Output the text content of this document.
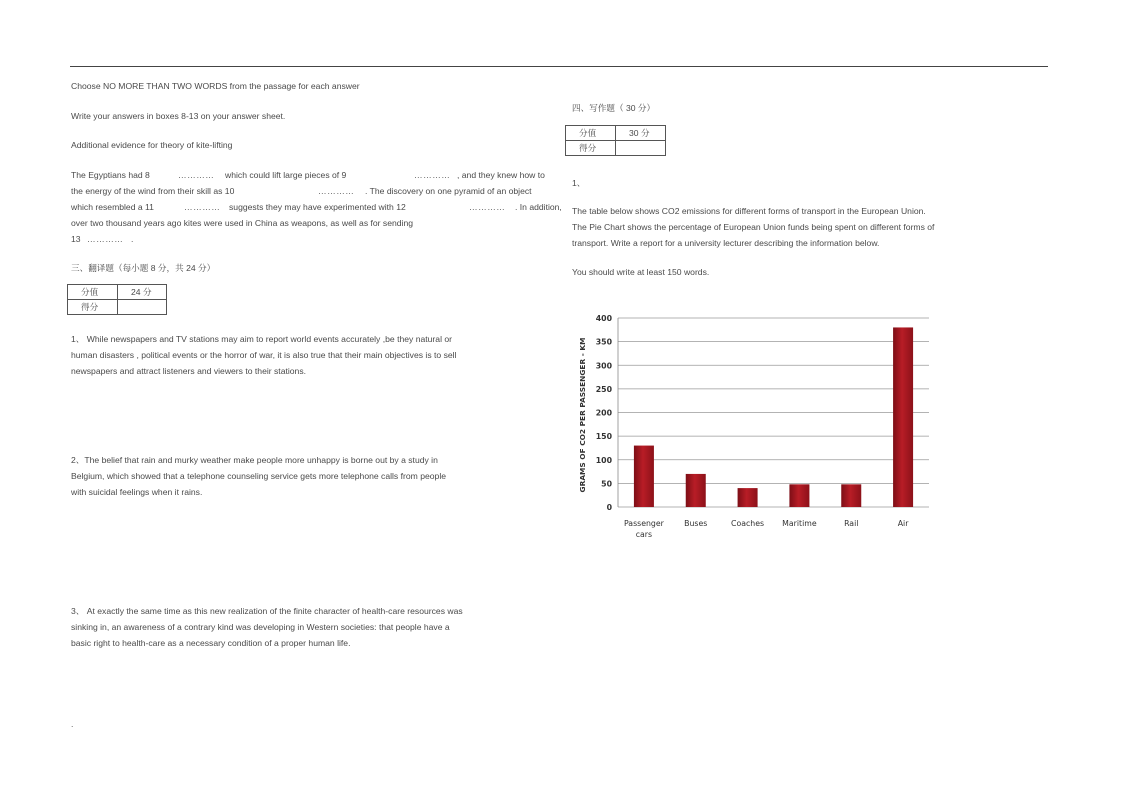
Choose NO MORE THAN TWO WORDS from the passage for each answer
Write your answers in boxes 8-13 on your answer sheet.
Additional evidence for theory of kite-lifting
The Egyptians had 8	………… which could lift large pieces of 9	………… , and they knew how to
the energy of the wind from their skill as 10	………… . The discovery on one pyramid of an object
which resembled a 11	………… suggests they may have experimented with 12	………… . In addition,
over two thousand years ago kites were used in China as weapons, as well as for sending
13 ………… .
三、翻译题（每小题 8 分，共 24 分）
分值	24 分
得分	
1、 While newspapers and TV stations may aim to report world events accurately ,be they natural or
human disasters , political events or the horror of war, it is also true that their main objectives is to sell
newspapers and attract listeners and viewers to their stations.
2、The belief that rain and murky weather make people more unhappy is borne out by a study in
Belgium, which showed that a telephone counseling service gets more telephone calls from people
with suicidal feelings when it rains.
3、 At exactly the same time as this new realization of the finite character of health-care resources was
sinking in, an awareness of a contrary kind was developing in Western societies: that people have a
basic right to health-care as a necessary condition of a proper human life.
.
四、写作题（ 30 分）
分值	30 分
得分	
1、
The table below shows CO2 emissions for different forms of transport in the European Union.
The Pie Chart shows the percentage of European Union funds being spent on different forms of
transport. Write a report for a university lecturer describing the information below.
You should write at least 150 words.
0
50
100
150
200
250
300
350
400
Passenger
cars
Buses	Coaches Maritime	Rail	Air
GRAMS OF CO2 PER PASSENGER - KM
